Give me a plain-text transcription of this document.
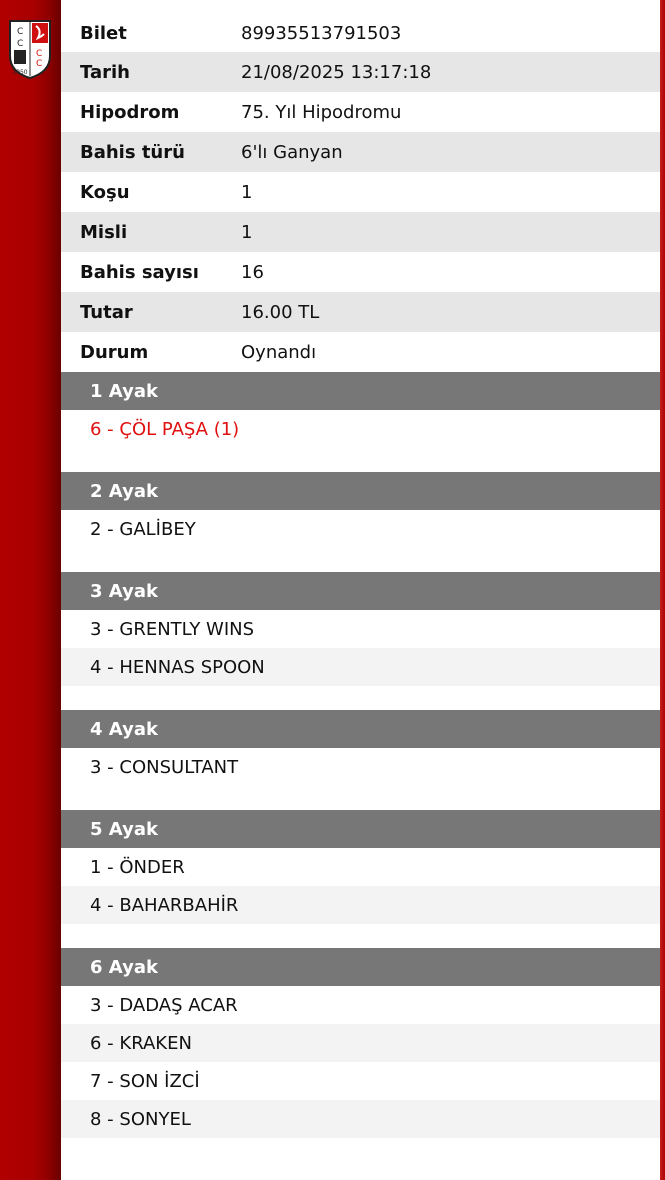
C
C
C
C
1950
Bilet	89935513791503
Tarih	21/08/2025 13:17:18
Hipodrom	75. Yıl Hipodromu
Bahis türü	6'lı Ganyan
Koşu	1
Misli	1
Bahis sayısı	16
Tutar	16.00 TL
Durum	Oynandı
1 Ayak
6 - ÇÖL PAŞA (1)
2 Ayak
2 - GALİBEY
3 Ayak
3 - GRENTLY WINS
4 - HENNAS SPOON
4 Ayak
3 - CONSULTANT
5 Ayak
1 - ÖNDER
4 - BAHARBAHİR
6 Ayak
3 - DADAŞ ACAR
6 - KRAKEN
7 - SON İZCİ
8 - SONYEL
